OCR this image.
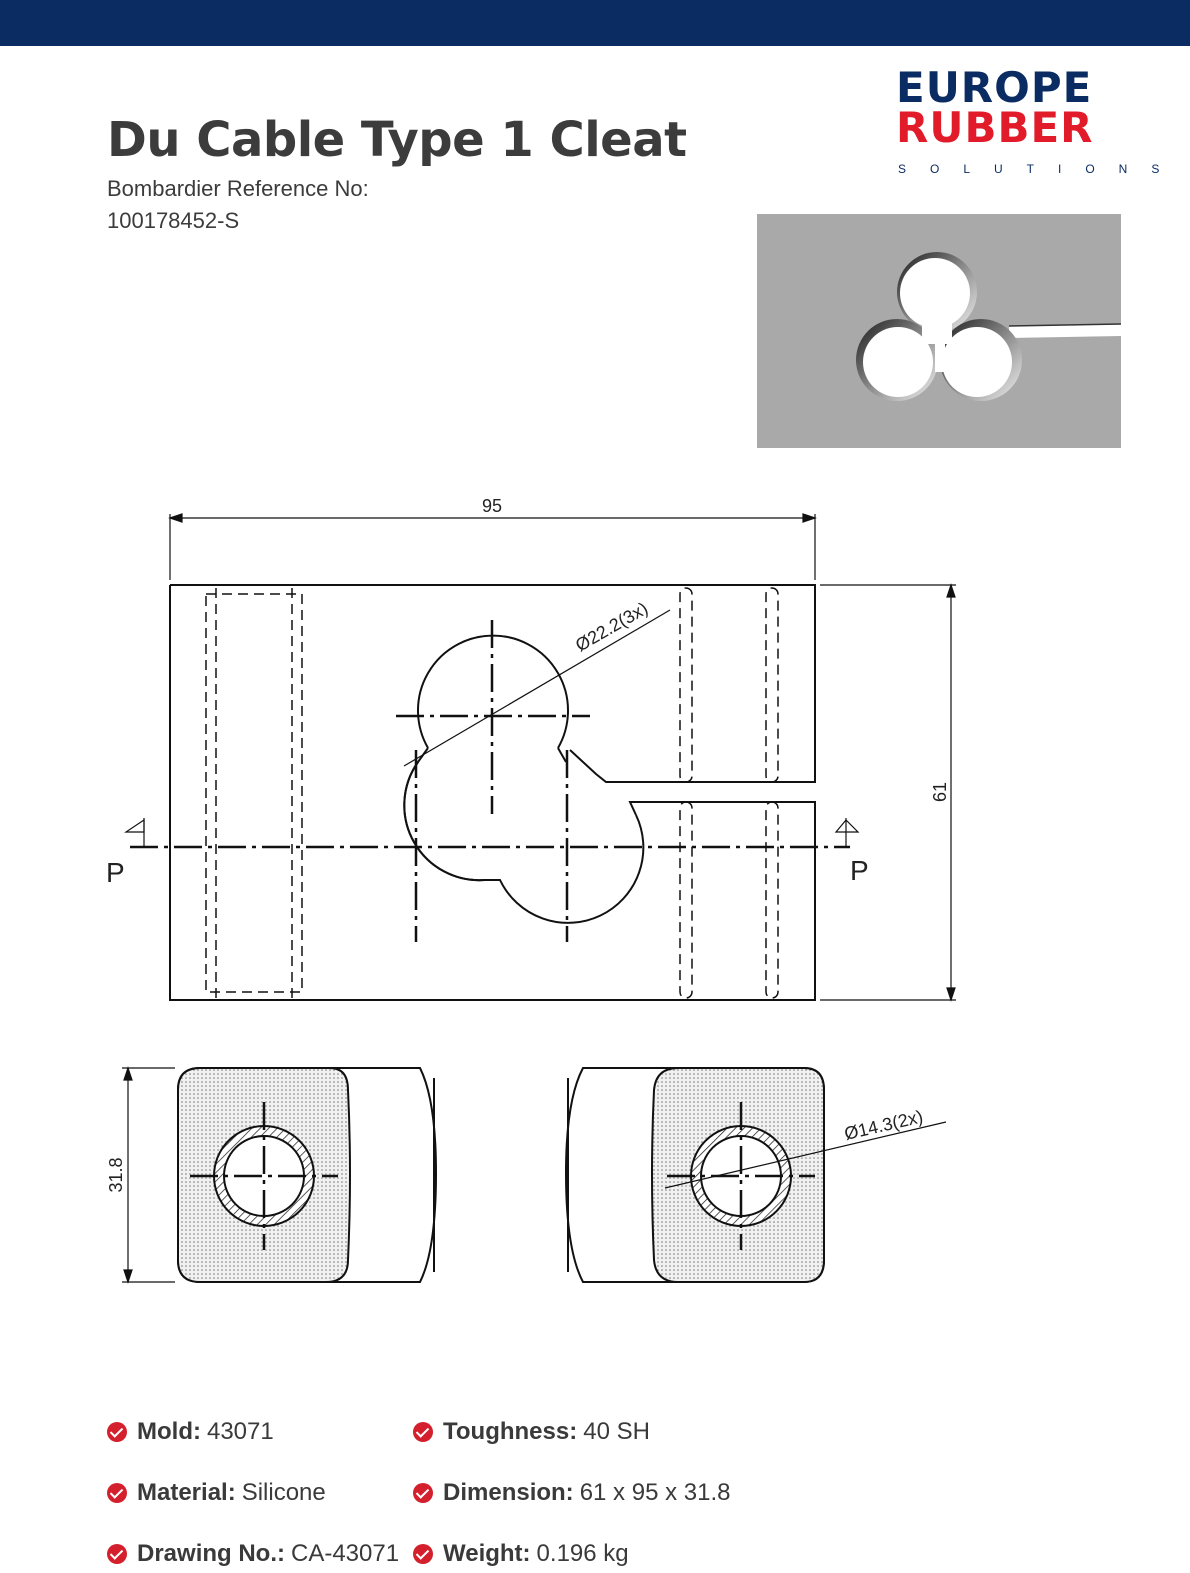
Du Cable Type 1 Cleat
Bombardier Reference No:
100178452-S
EUROPE
RUBBER
SOLUTIONS
95
61
Ø22.2(3x)
P	P
31.8
Ø14.3(2x)
Mold: 43071	Toughness: 40 SH
Material: Silicone	Dimension: 61 x 95 x 31.8
Drawing No.: CA-43071 Weight: 0.196 kg
